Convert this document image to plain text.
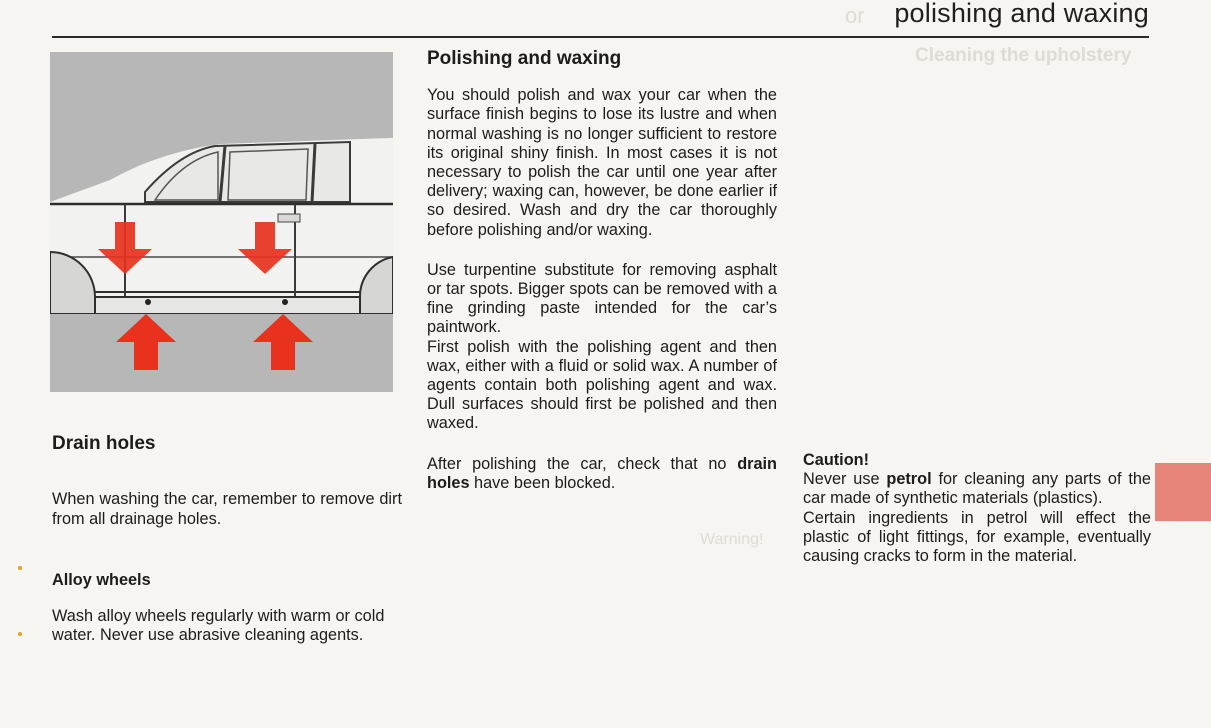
or
Cleaning the upholstery
Warning!
polishing and waxing
Drain holes

When washing the car, remember to remove dirt from all drainage holes.

Alloy wheels

Wash alloy wheels regularly with warm or cold water. Never use abrasive cleaning agents.

Polishing and waxing

You should polish and wax your car when the surface finish begins to lose its lustre and when normal washing is no longer sufficient to restore its original shiny finish. In most cases it is not necessary to polish the car until one year after delivery; waxing can, however, be done earlier if so desired. Wash and dry the car thoroughly before polishing and/or waxing.

Use turpentine substitute for removing asphalt or tar spots. Bigger spots can be removed with a fine grinding paste intended for the car’s paintwork.

First polish with the polishing agent and then wax, either with a fluid or solid wax. A number of agents contain both polishing agent and wax. Dull surfaces should first be polished and then waxed.

After polishing the car, check that no drain holes have been blocked.

Caution!

Never use petrol for cleaning any parts of the car made of synthetic materials (plastics).

Certain ingredients in petrol will effect the plastic of light fittings, for example, eventually causing cracks to form in the material.
